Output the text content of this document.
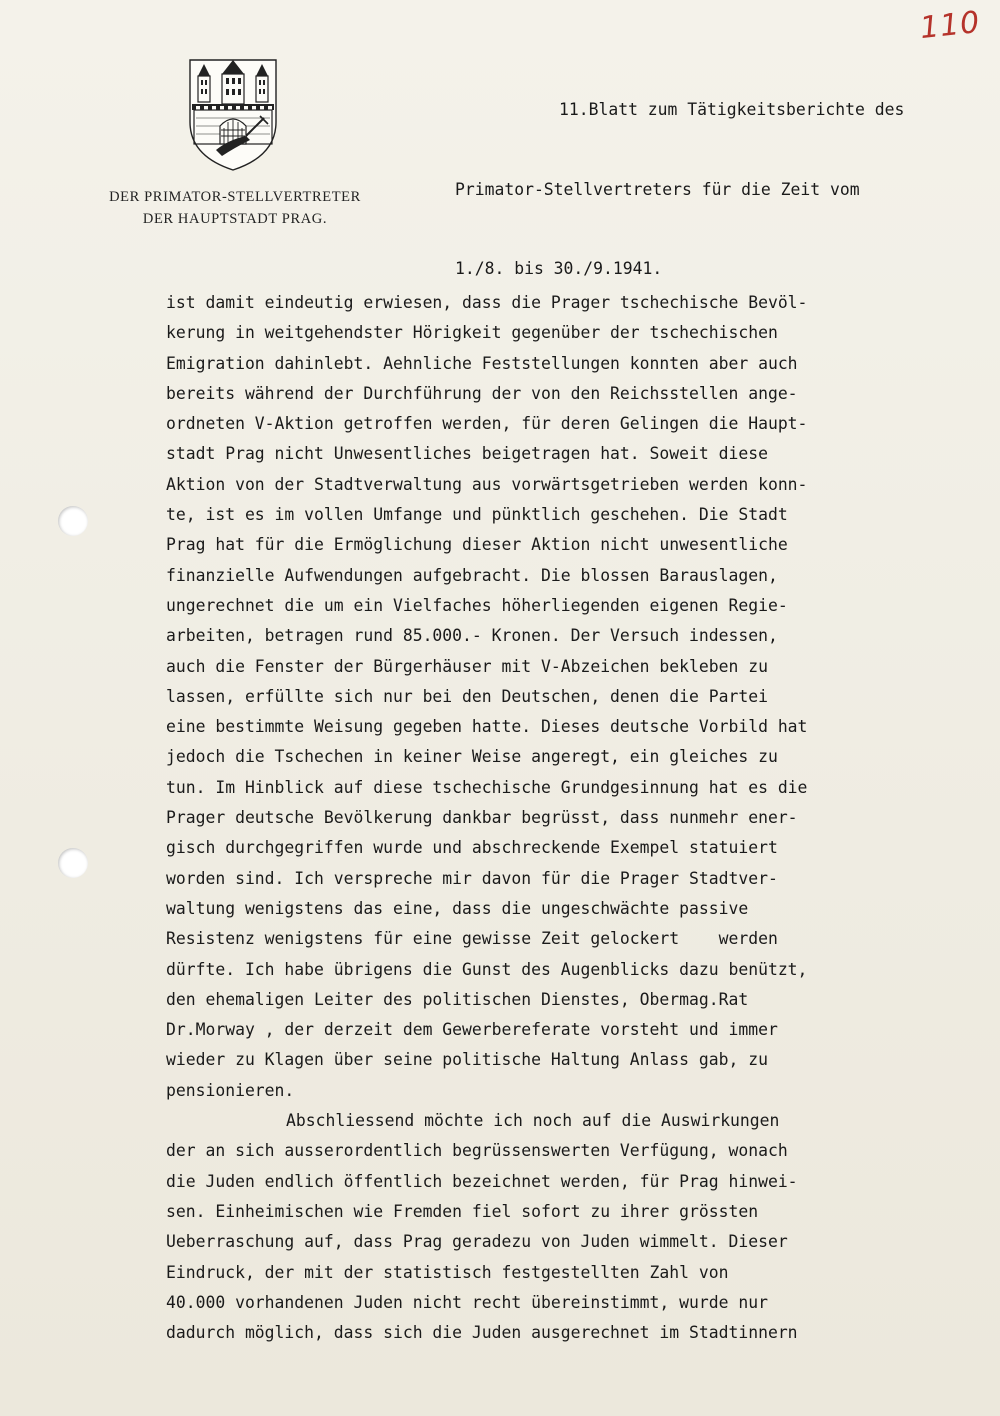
110
DER PRIMATOR-STELLVERTRETER
DER HAUPTSTADT PRAG.

11.Blatt zum Tätigkeitsberichte des

Primator-Stellvertreters für die Zeit vom

1./8. bis 30./9.1941.

ist damit eindeutig erwiesen, dass die Prager tschechische Bevöl-
kerung in weitgehendster Hörigkeit gegenüber der tschechischen
Emigration dahinlebt. Aehnliche Feststellungen konnten aber auch
bereits während der Durchführung der von den Reichsstellen ange-
ordneten V-Aktion getroffen werden, für deren Gelingen die Haupt-
stadt Prag nicht Unwesentliches beigetragen hat. Soweit diese
Aktion von der Stadtverwaltung aus vorwärtsgetrieben werden konn-
te, ist es im vollen Umfange und pünktlich geschehen. Die Stadt
Prag hat für die Ermöglichung dieser Aktion nicht unwesentliche
finanzielle Aufwendungen aufgebracht. Die blossen Barauslagen,
ungerechnet die um ein Vielfaches höherliegenden eigenen Regie-
arbeiten, betragen rund 85.000.- Kronen. Der Versuch indessen,
auch die Fenster der Bürgerhäuser mit V-Abzeichen bekleben zu
lassen, erfüllte sich nur bei den Deutschen, denen die Partei
eine bestimmte Weisung gegeben hatte. Dieses deutsche Vorbild hat
jedoch die Tschechen in keiner Weise angeregt, ein gleiches zu
tun. Im Hinblick auf diese tschechische Grundgesinnung hat es die
Prager deutsche Bevölkerung dankbar begrüsst, dass nunmehr ener-
gisch durchgegriffen wurde und abschreckende Exempel statuiert
worden sind. Ich verspreche mir davon für die Prager Stadtver-
waltung wenigstens das eine, dass die ungeschwächte passive
Resistenz wenigstens für eine gewisse Zeit gelockert    werden
dürfte. Ich habe übrigens die Gunst des Augenblicks dazu benützt,
den ehemaligen Leiter des politischen Dienstes, Obermag.Rat
Dr.Morway , der derzeit dem Gewerbereferate vorsteht und immer
wieder zu Klagen über seine politische Haltung Anlass gab, zu
pensionieren.
Abschliessend möchte ich noch auf die Auswirkungen
der an sich ausserordentlich begrüssenswerten Verfügung, wonach
die Juden endlich öffentlich bezeichnet werden, für Prag hinwei-
sen. Einheimischen wie Fremden fiel sofort zu ihrer grössten
Ueberraschung auf, dass Prag geradezu von Juden wimmelt. Dieser
Eindruck, der mit der statistisch festgestellten Zahl von
40.000 vorhandenen Juden nicht recht übereinstimmt, wurde nur
dadurch möglich, dass sich die Juden ausgerechnet im Stadtinnern
